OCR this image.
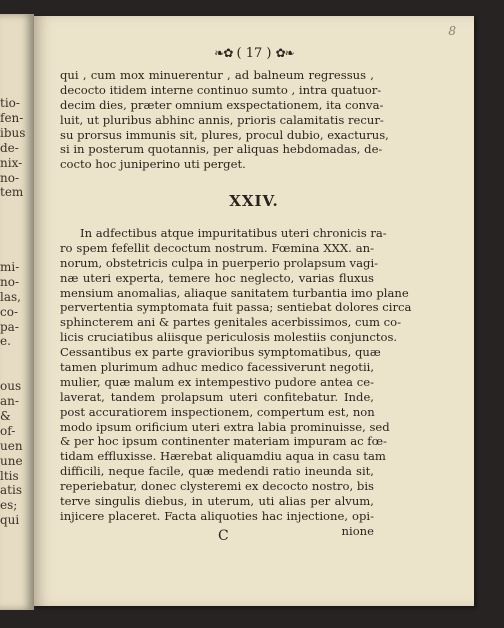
tio-
fen-
ibus
de-
nix-
no-
tem
mi-
no-
las,
co-
pa-
e.
ous
an-
&
of-
uen
une
ltis
atis
es;
qui
8
❧✿ ( 17 ) ✿❧
qui , cum mox minuerentur , ad balneum regressus ,
decocto itidem interne continuo sumto , intra quatuor-
decim dies, præter omnium exspectationem, ita conva-
luit, ut pluribus abhinc annis, prioris calamitatis recur-
su prorsus immunis sit, plures, procul dubio, exacturus,
si in posterum quotannis, per aliquas hebdomadas, de-
cocto hoc juniperino uti perget.
XXIV.
In adfectibus atque impuritatibus uteri chronicis ra-
ro spem fefellit decoctum nostrum. Fœmina XXX. an-
norum, obstetricis culpa in puerperio prolapsum vagi-
næ uteri experta, temere hoc neglecto, varias fluxus
mensium anomalias, aliaque sanitatem turbantia imo plane
pervertentia symptomata fuit passa; sentiebat dolores circa
sphincterem ani & partes genitales acerbissimos, cum co-
licis cruciatibus aliisque periculosis molestiis conjunctos.
Cessantibus ex parte gravioribus symptomatibus, quæ
tamen plurimum adhuc medico facessiverunt negotii,
mulier, quæ malum ex intempestivo pudore antea ce-
laverat, tandem prolapsum uteri confitebatur. Inde,
post accuratiorem inspectionem, compertum est, non
modo ipsum orificium uteri extra labia prominuisse, sed
& per hoc ipsum continenter materiam impuram ac fœ-
tidam effluxisse. Hærebat aliquamdiu aqua in casu tam
difficili, neque facile, quæ medendi ratio ineunda sit,
reperiebatur, donec clysteremi ex decocto nostro, bis
terve singulis diebus, in uterum, uti alias per alvum,
injicere placeret. Facta aliquoties hac injectione, opi-
nione
C
